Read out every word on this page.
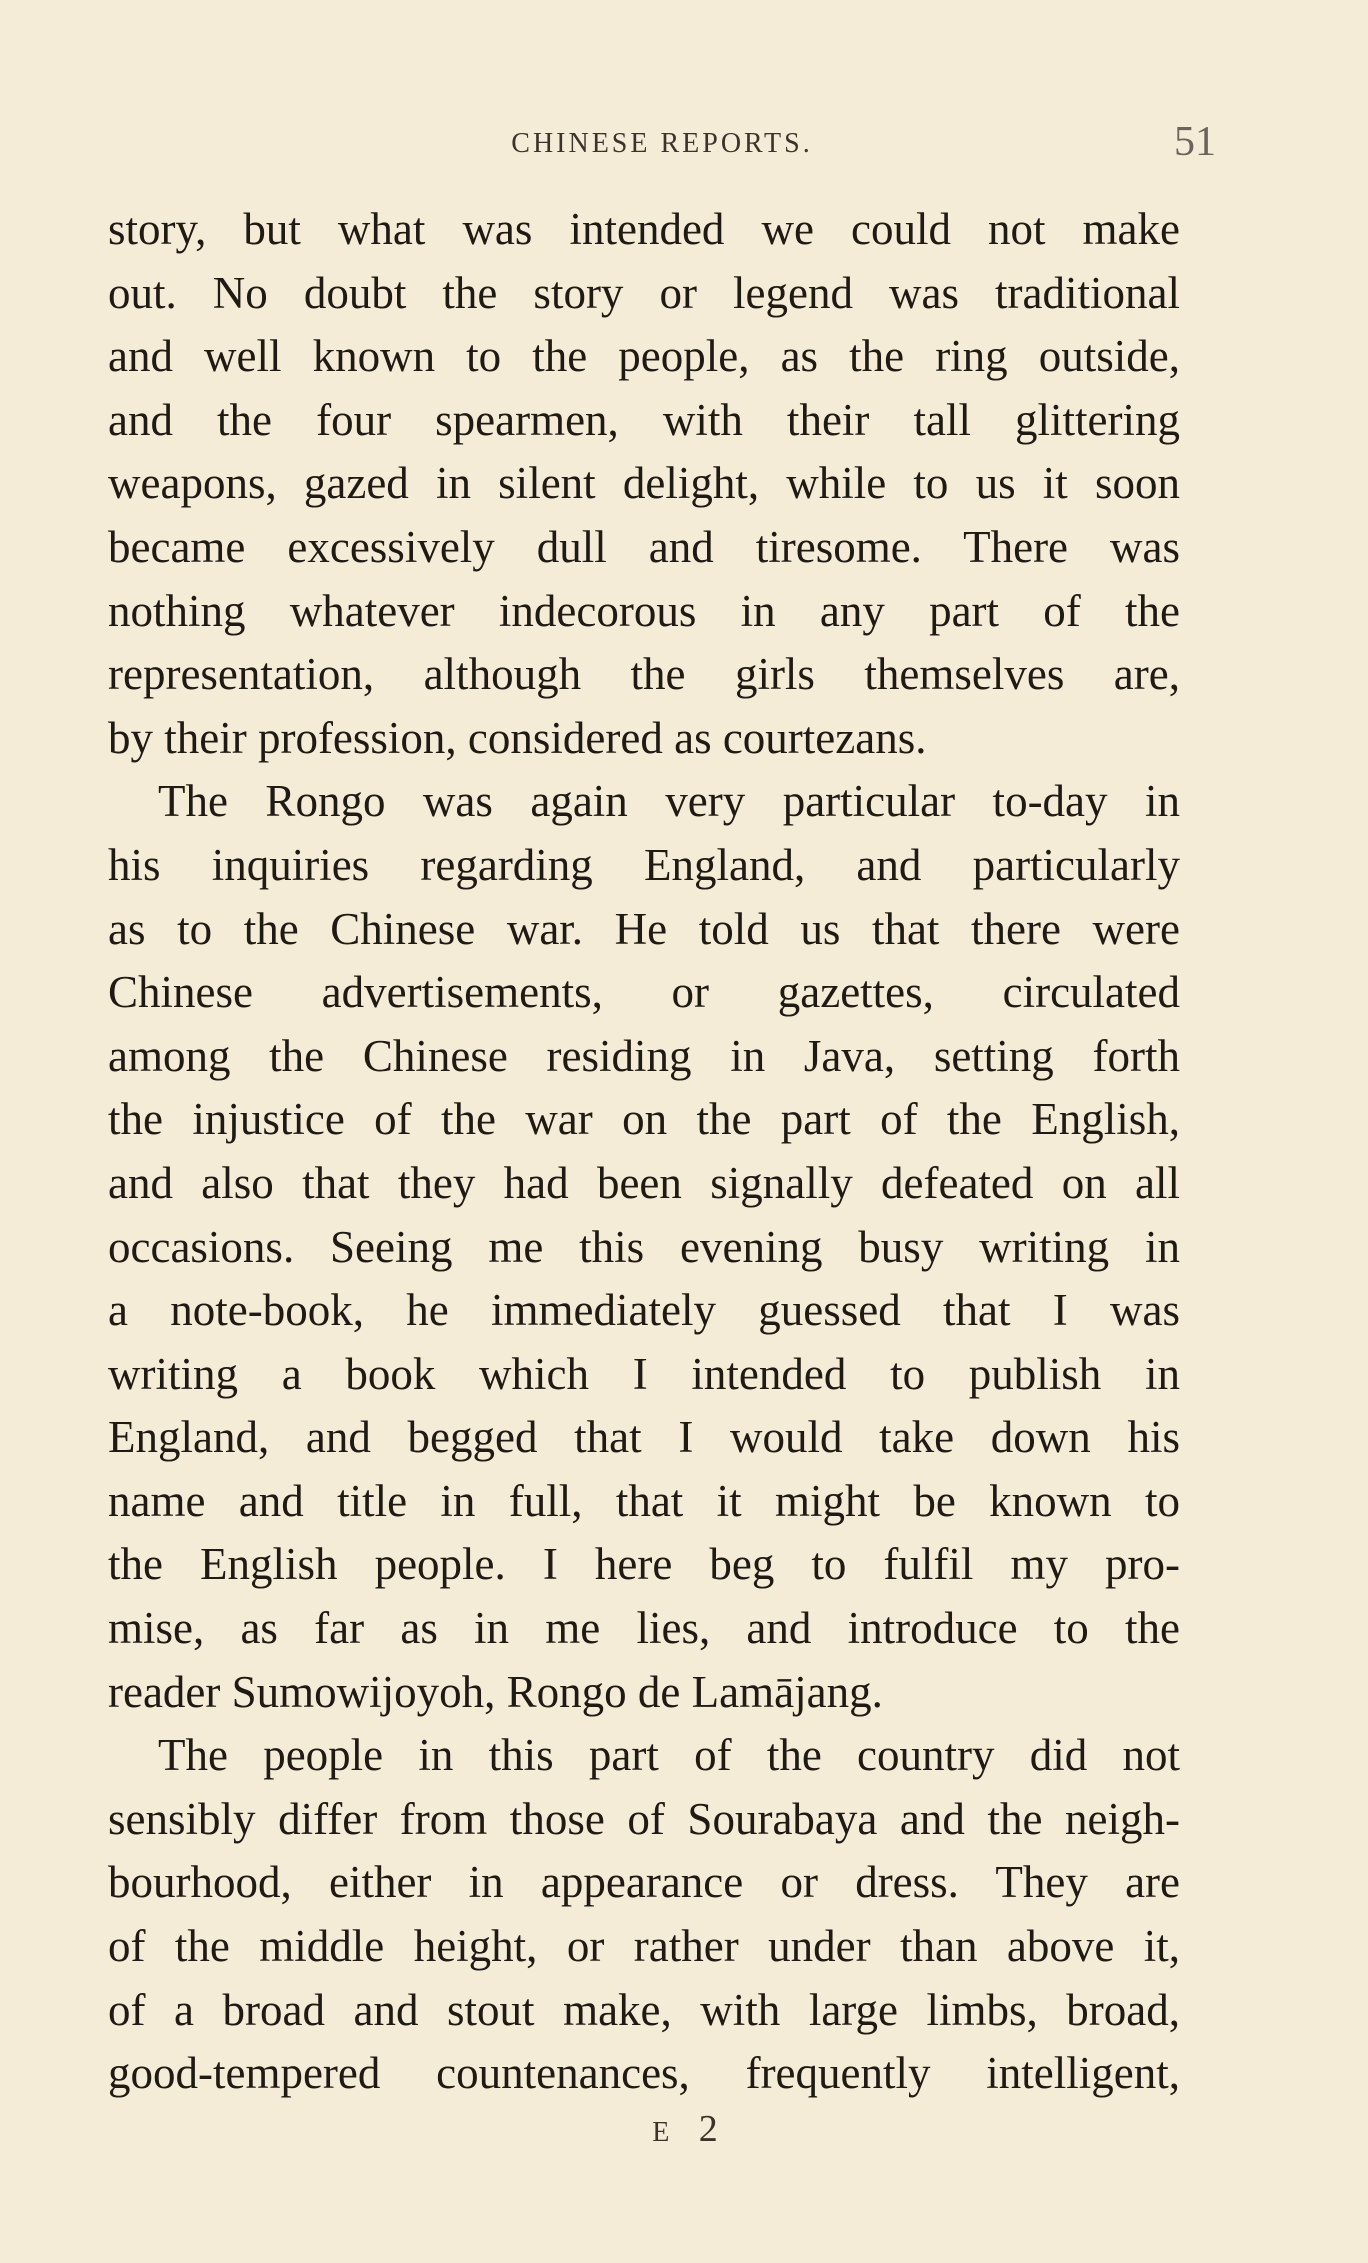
CHINESE REPORTS.	51
story, but what was intended we could not make
out. No doubt the story or legend was traditional
and well known to the people, as the ring outside,
and the four spearmen, with their tall glittering
weapons, gazed in silent delight, while to us it soon
became excessively dull and tiresome. There was
nothing whatever indecorous in any part of the
representation, although the girls themselves are,
by their profession, considered as courtezans.
The Rongo was again very particular to-day in
his inquiries regarding England, and particularly
as to the Chinese war. He told us that there were
Chinese advertisements, or gazettes, circulated
among the Chinese residing in Java, setting forth
the injustice of the war on the part of the English,
and also that they had been signally defeated on all
occasions. Seeing me this evening busy writing in
a note-book, he immediately guessed that I was
writing a book which I intended to publish in
England, and begged that I would take down his
name and title in full, that it might be known to
the English people. I here beg to fulfil my pro-
mise, as far as in me lies, and introduce to the
reader Sumowijoyoh, Rongo de Lamājang.
The people in this part of the country did not
sensibly differ from those of Sourabaya and the neigh-
bourhood, either in appearance or dress. They are
of the middle height, or rather under than above it,
of a broad and stout make, with large limbs, broad,
good-tempered countenances, frequently intelligent,
E 2
